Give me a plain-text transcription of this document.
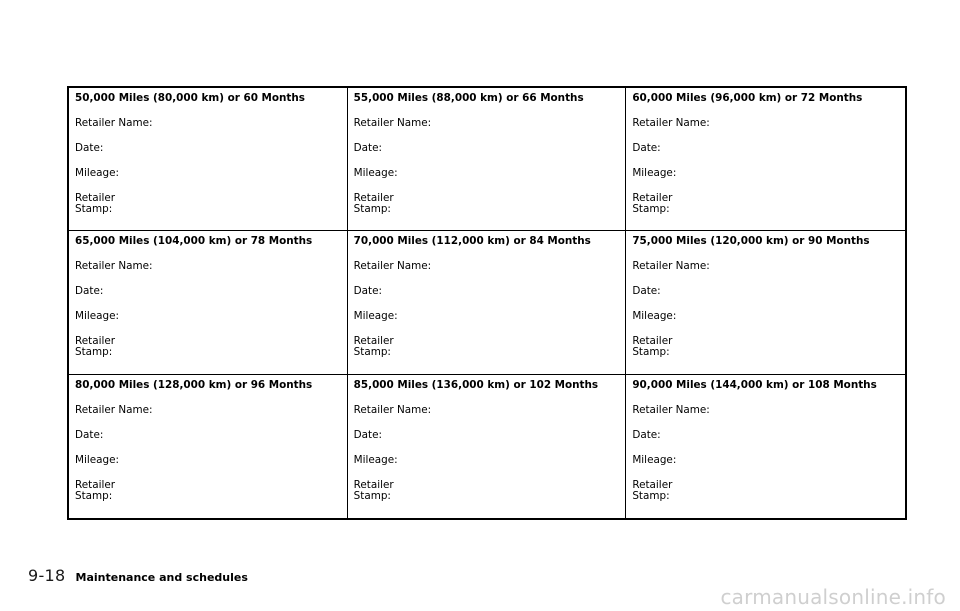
50,000 Miles (80,000 km) or 60 Months
Retailer Name:
Date:
Mileage:
Retailer Stamp:
55,000 Miles (88,000 km) or 66 Months
Retailer Name:
Date:
Mileage:
Retailer Stamp:
60,000 Miles (96,000 km) or 72 Months
Retailer Name:
Date:
Mileage:
Retailer Stamp:
65,000 Miles (104,000 km) or 78 Months
Retailer Name:
Date:
Mileage:
Retailer Stamp:
70,000 Miles (112,000 km) or 84 Months
Retailer Name:
Date:
Mileage:
Retailer Stamp:
75,000 Miles (120,000 km) or 90 Months
Retailer Name:
Date:
Mileage:
Retailer Stamp:
80,000 Miles (128,000 km) or 96 Months
Retailer Name:
Date:
Mileage:
Retailer Stamp:
85,000 Miles (136,000 km) or 102 Months
Retailer Name:
Date:
Mileage:
Retailer Stamp:
90,000 Miles (144,000 km) or 108 Months
Retailer Name:
Date:
Mileage:
Retailer Stamp:
9-18 Maintenance and schedules
carmanualsonline.info
